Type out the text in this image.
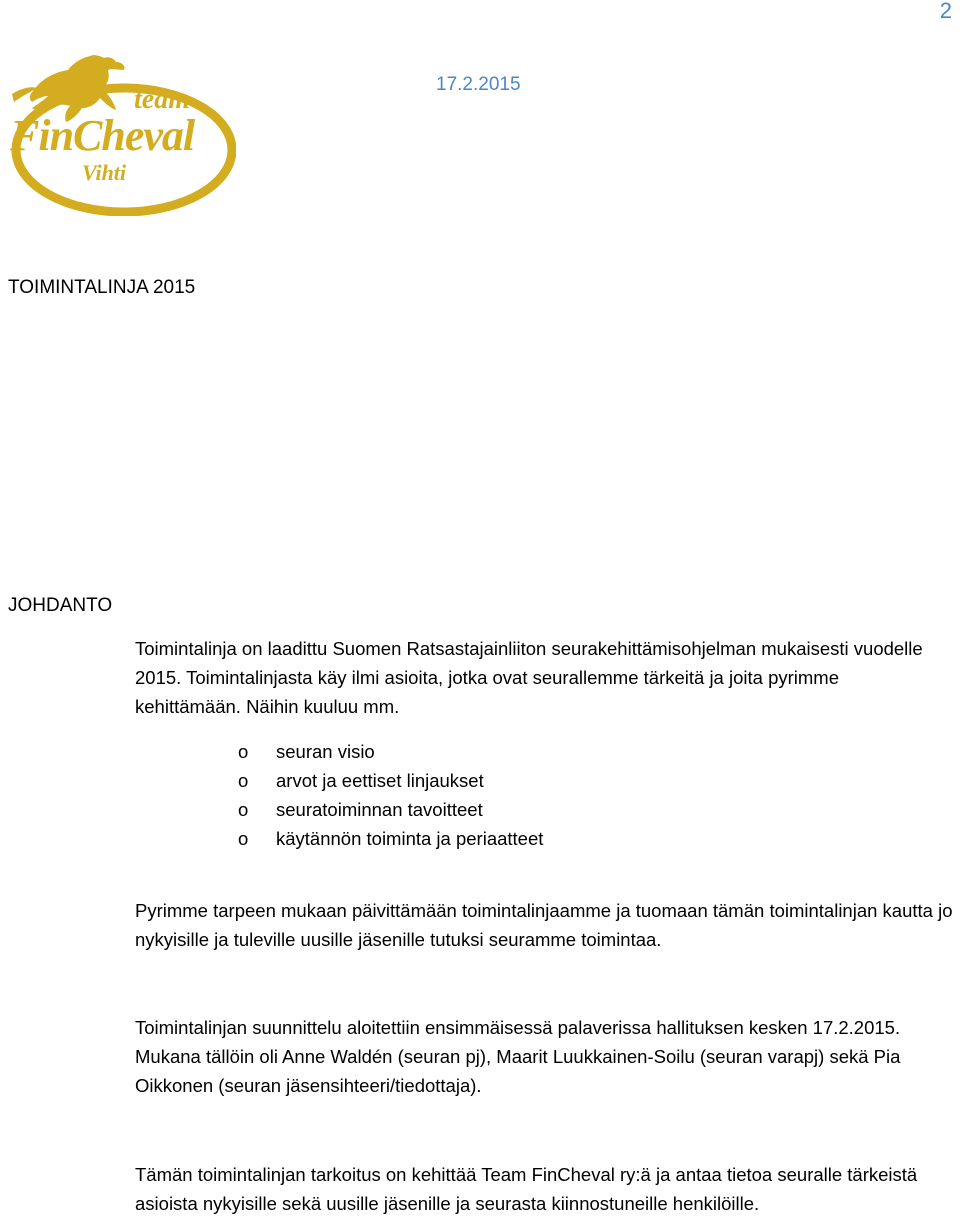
2
17.2.2015
team
FinCheval
Vihti
TOIMINTALINJA 2015
JOHDANTO
Toimintalinja on laadittu Suomen Ratsastajainliiton seurakehittämisohjelman mukaisesti vuodelle 2015. Toimintalinjasta käy ilmi asioita, jotka ovat seurallemme tärkeitä ja joita pyrimme kehittämään. Näihin kuuluu mm.
o seuran visio
o arvot ja eettiset linjaukset
o seuratoiminnan tavoitteet
o käytännön toiminta ja periaatteet
Pyrimme tarpeen mukaan päivittämään toimintalinjaamme ja tuomaan tämän toimintalinjan kautta jo nykyisille ja tuleville uusille jäsenille tutuksi seuramme toimintaa.
Toimintalinjan suunnittelu aloitettiin ensimmäisessä palaverissa hallituksen kesken 17.2.2015. Mukana tällöin oli Anne Waldén (seuran pj), Maarit Luukkainen-Soilu (seuran varapj) sekä Pia Oikkonen (seuran jäsensihteeri/tiedottaja).
Tämän toimintalinjan tarkoitus on kehittää Team FinCheval ry:ä ja antaa tietoa seuralle tärkeistä asioista nykyisille sekä uusille jäsenille ja seurasta kiinnostuneille henkilöille.
